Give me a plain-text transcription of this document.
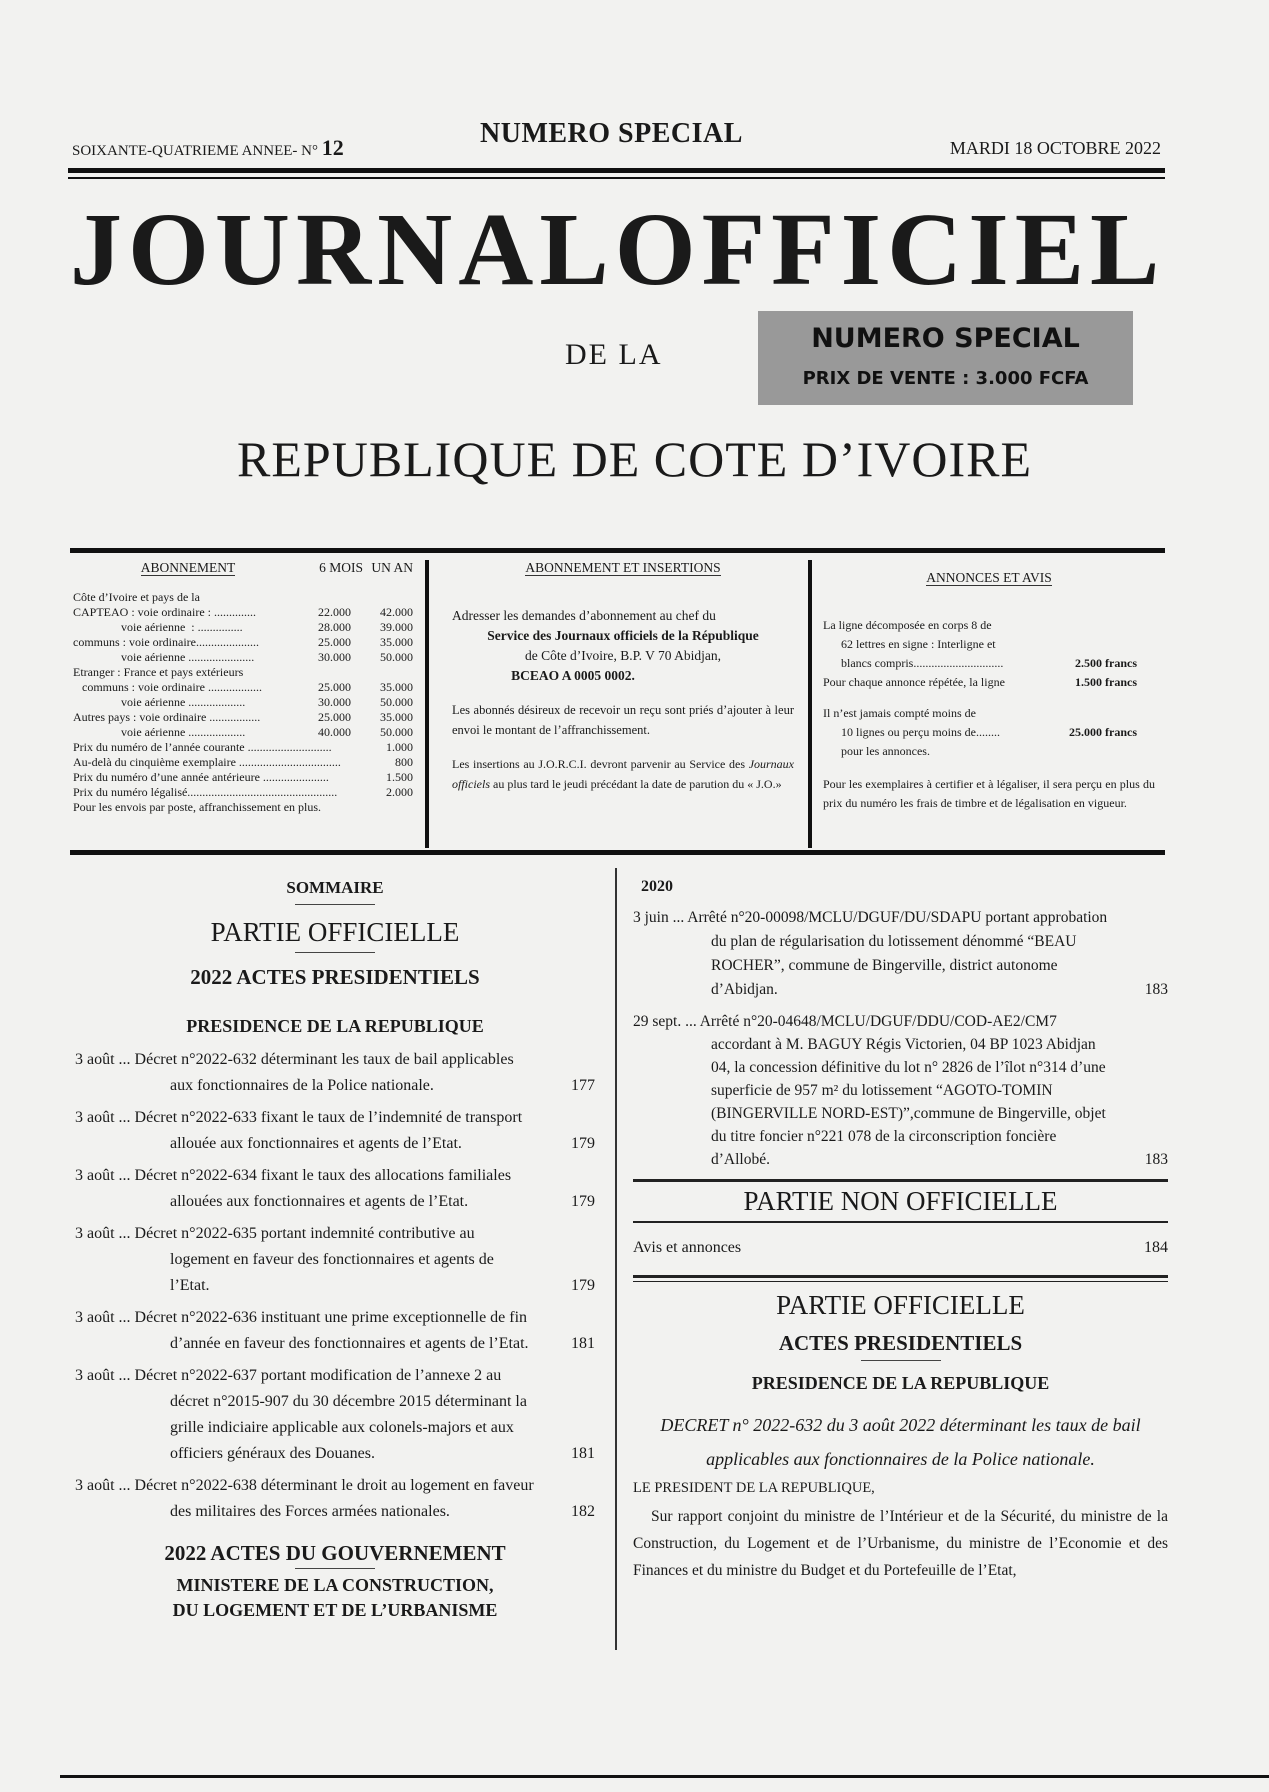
SOIXANTE-QUATRIEME ANNEE- N° 12	NUMERO SPECIAL	MARDI 18 OCTOBRE 2022
JOURNAL OFFICIEL
DE LA	NUMERO SPECIAL
PRIX DE VENTE : 3.000 FCFA
REPUBLIQUE DE COTE D’IVOIRE
ABONNEMENT	6 MOIS UN AN
Côte d’Ivoire et pays de la
CAPTEAO : voie ordinaire : ..............	22.000	42.000
voie aérienne  : ...............	28.000	39.000
communs : voie ordinaire.....................	25.000	35.000
voie aérienne ......................	30.000	50.000
Etranger : France et pays extérieurs
communs : voie ordinaire ..................	25.000	35.000
voie aérienne ...................	30.000	50.000
Autres pays : voie ordinaire .................	25.000	35.000
voie aérienne ...................	40.000	50.000
Prix du numéro de l’année courante ............................	1.000
Au-delà du cinquième exemplaire ..................................	800
Prix du numéro d’une année antérieure ......................	1.500
Prix du numéro légalisé..................................................	2.000
Pour les envois par poste, affranchissement en plus.
ABONNEMENT ET INSERTIONS
Adresser les demandes d’abonnement au chef du
Service des Journaux officiels de la République
de Côte d’Ivoire, B.P. V 70 Abidjan,
BCEAO A 0005 0002.
Les abonnés désireux de recevoir un reçu sont priés d’ajouter à leur envoi le montant de l’affranchissement.
Les insertions au J.O.R.C.I. devront parvenir au Service des Journaux officiels au plus tard le jeudi précédant la date de parution du « J.O.»
ANNONCES ET AVIS
La ligne décomposée en corps 8 de
62 lettres en signe : Interligne et
blancs compris..............................	2.500 francs
Pour chaque annonce répétée, la ligne	1.500 francs
Il n’est jamais compté moins de
10 lignes ou perçu moins de........	25.000 francs
pour les annonces.
Pour les exemplaires à certifier et à légaliser, il sera perçu en plus du prix du numéro les frais de timbre et de légalisation en vigueur.
SOMMAIRE
PARTIE OFFICIELLE
2022 ACTES PRESIDENTIELS
PRESIDENCE DE LA REPUBLIQUE
3 août ... Décret n°2022-632 déterminant les taux de bail applicables aux fonctionnaires de la Police nationale.	177
3 août ... Décret n°2022-633 fixant le taux de l’indemnité de transport allouée aux fonctionnaires et agents de l’Etat.	179
3 août ... Décret n°2022-634 fixant le taux des allocations familiales allouées aux fonctionnaires et agents de l’Etat.	179
3 août ... Décret n°2022-635 portant indemnité contributive au logement en faveur des fonctionnaires et agents de l’Etat.	179
3 août ... Décret n°2022-636 instituant une prime exceptionnelle de fin d’année en faveur des fonctionnaires et agents de l’Etat.	181
3 août ... Décret n°2022-637 portant modification de l’annexe 2 au décret n°2015-907 du 30 décembre 2015 déterminant la grille indiciaire applicable aux colonels-majors et aux officiers généraux des Douanes.	181
3 août ... Décret n°2022-638 déterminant le droit au logement en faveur des militaires des Forces armées nationales.	182
2022 ACTES DU GOUVERNEMENT
MINISTERE DE LA CONSTRUCTION,
DU LOGEMENT ET DE L’URBANISME
2020
3 juin ... Arrêté n°20-00098/MCLU/DGUF/DU/SDAPU portant approbation du plan de régularisation du lotissement dénommé “BEAU ROCHER”, commune de Bingerville, district autonome d’Abidjan.	183
29 sept. ... Arrêté n°20-04648/MCLU/DGUF/DDU/COD-AE2/CM7 accordant à M. BAGUY Régis Victorien, 04 BP 1023 Abidjan 04, la concession définitive du lot n° 2826 de l’îlot n°314 d’une superficie de 957 m² du lotissement “AGOTO-TOMIN (BINGERVILLE NORD-EST)”,commune de Bingerville, objet du titre foncier n°221 078 de la circonscription foncière d’Allobé.	183
PARTIE NON OFFICIELLE
Avis et annonces	184
PARTIE OFFICIELLE
ACTES PRESIDENTIELS
PRESIDENCE DE LA REPUBLIQUE
DECRET n° 2022-632 du 3 août 2022 déterminant les taux de bail applicables aux fonctionnaires de la Police nationale.
LE PRESIDENT DE LA REPUBLIQUE,
Sur rapport conjoint du ministre de l’Intérieur et de la Sécurité, du ministre de la Construction, du Logement et de l’Urbanisme, du ministre de l’Economie et des Finances et du ministre du Budget et du Portefeuille de l’Etat,
